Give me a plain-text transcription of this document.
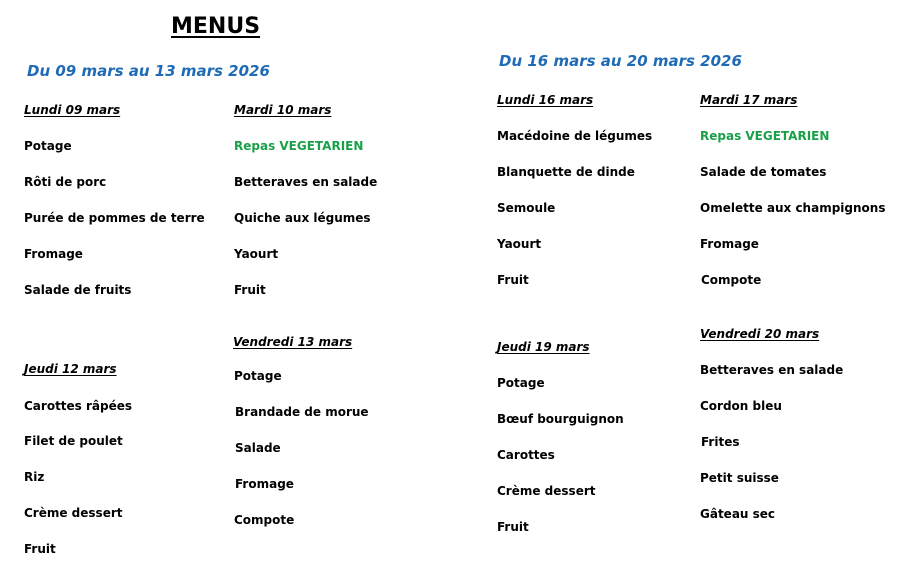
MENUS
Du 09 mars au 13 mars 2026
Lundi 09 mars
Potage
Rôti de porc
Purée de pommes de terre
Fromage
Salade de fruits
Mardi 10 mars
Repas VEGETARIEN
Betteraves en salade
Quiche aux légumes
Yaourt
Fruit
Jeudi 12 mars
Carottes râpées
Filet de poulet
Riz
Crème dessert
Fruit
Vendredi 13 mars
Potage
Brandade de morue
Salade
Fromage
Compote
Du 16 mars au 20 mars 2026
Lundi 16 mars
Macédoine de légumes
Blanquette de dinde
Semoule
Yaourt
Fruit
Mardi 17 mars
Repas VEGETARIEN
Salade de tomates
Omelette aux champignons
Fromage
Compote
Jeudi 19 mars
Potage
Bœuf bourguignon
Carottes
Crème dessert
Fruit
Vendredi 20 mars
Betteraves en salade
Cordon bleu
Frites
Petit suisse
Gâteau sec
